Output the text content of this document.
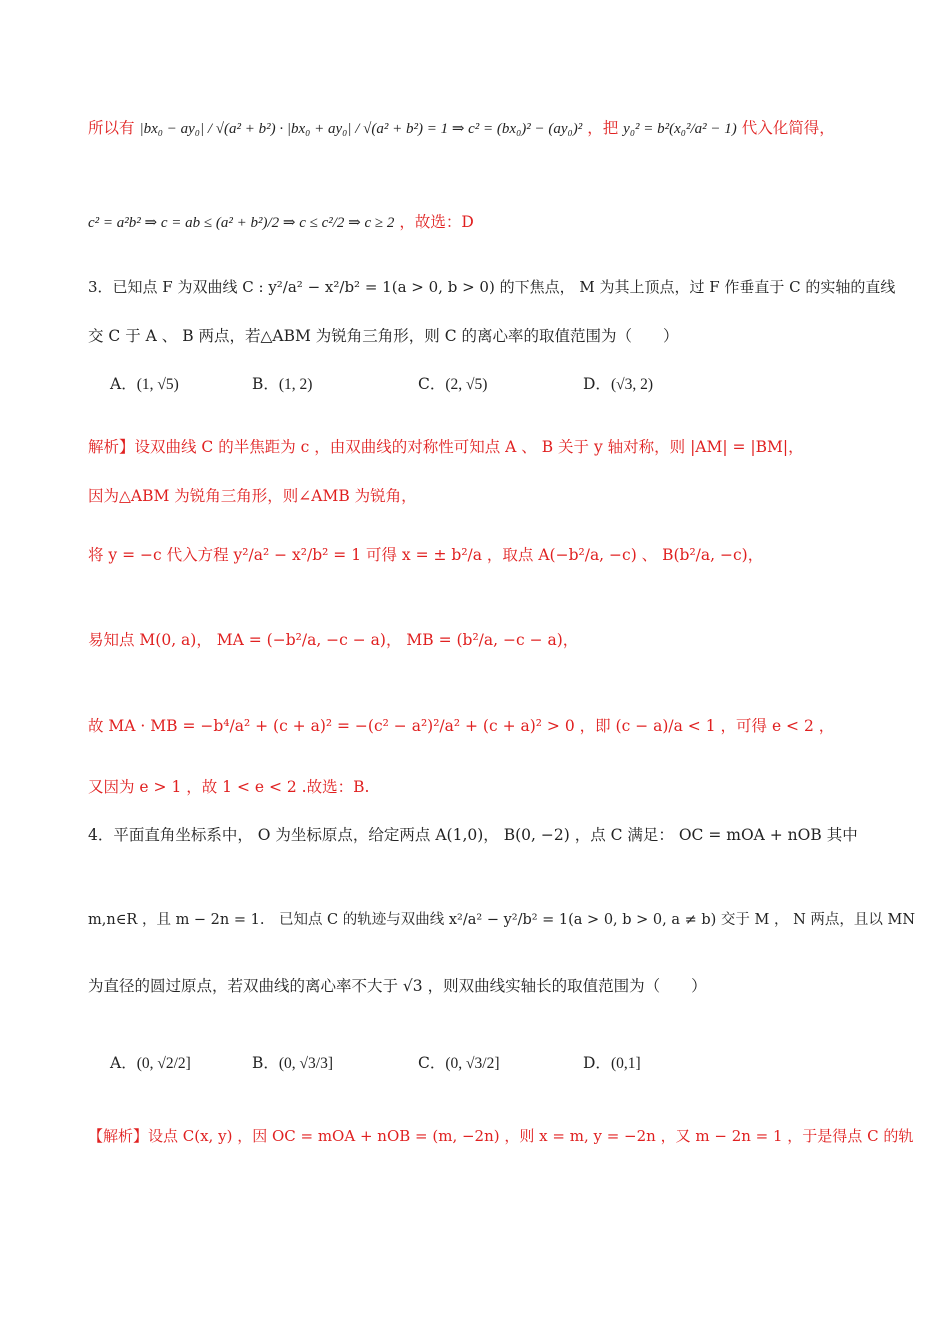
所以有 |bx₀ − ay₀| / √(a² + b²) · |bx₀ + ay₀| / √(a² + b²) = 1 ⇒ c² = (bx₀)² − (ay₀)² ，把 y₀² = b²(x₀²/a² − 1) 代入化简得，
c² = a²b² ⇒ c = ab ≤ (a² + b²)/2 ⇒ c ≤ c²/2 ⇒ c ≥ 2 ，故选：D
3．已知点 F 为双曲线 C : y²/a² − x²/b² = 1(a > 0, b > 0) 的下焦点， M 为其上顶点，过 F 作垂直于 C 的实轴的直线
交 C 于 A 、 B 两点，若△ABM 为锐角三角形，则 C 的离心率的取值范围为（　　）
A．(1, √5)	B．(1, 2)	C．(2, √5)	D．(√3, 2)
解析】设双曲线 C 的半焦距为 c ，由双曲线的对称性可知点 A 、 B 关于 y 轴对称，则 |AM| = |BM|，
因为△ABM 为锐角三角形，则∠AMB 为锐角，
将 y = −c 代入方程 y²/a² − x²/b² = 1 可得 x = ± b²/a ，取点 A(−b²/a, −c) 、 B(b²/a, −c)，
易知点 M(0, a)， MA = (−b²/a, −c − a)， MB = (b²/a, −c − a)，
故 MA · MB = −b⁴/a² + (c + a)² = −(c² − a²)²/a² + (c + a)² > 0 ，即 (c − a)/a < 1 ，可得 e < 2 ，
又因为 e > 1 ，故 1 < e < 2 .故选：B.
4．平面直角坐标系中， O 为坐标原点，给定两点 A(1,0)， B(0, −2) ，点 C 满足： OC = mOA + nOB 其中
m,n∈R ，且 m − 2n = 1.　已知点 C 的轨迹与双曲线 x²/a² − y²/b² = 1(a > 0, b > 0, a ≠ b) 交于 M ， N 两点，且以 MN
为直径的圆过原点，若双曲线的离心率不大于 √3 ，则双曲线实轴长的取值范围为（　　）
A．(0, √2/2]	B．(0, √3/3]	C．(0, √3/2]	D．(0,1]
【解析】设点 C(x, y) ，因 OC = mOA + nOB = (m, −2n) ，则 x = m, y = −2n ，又 m − 2n = 1 ，于是得点 C 的轨
